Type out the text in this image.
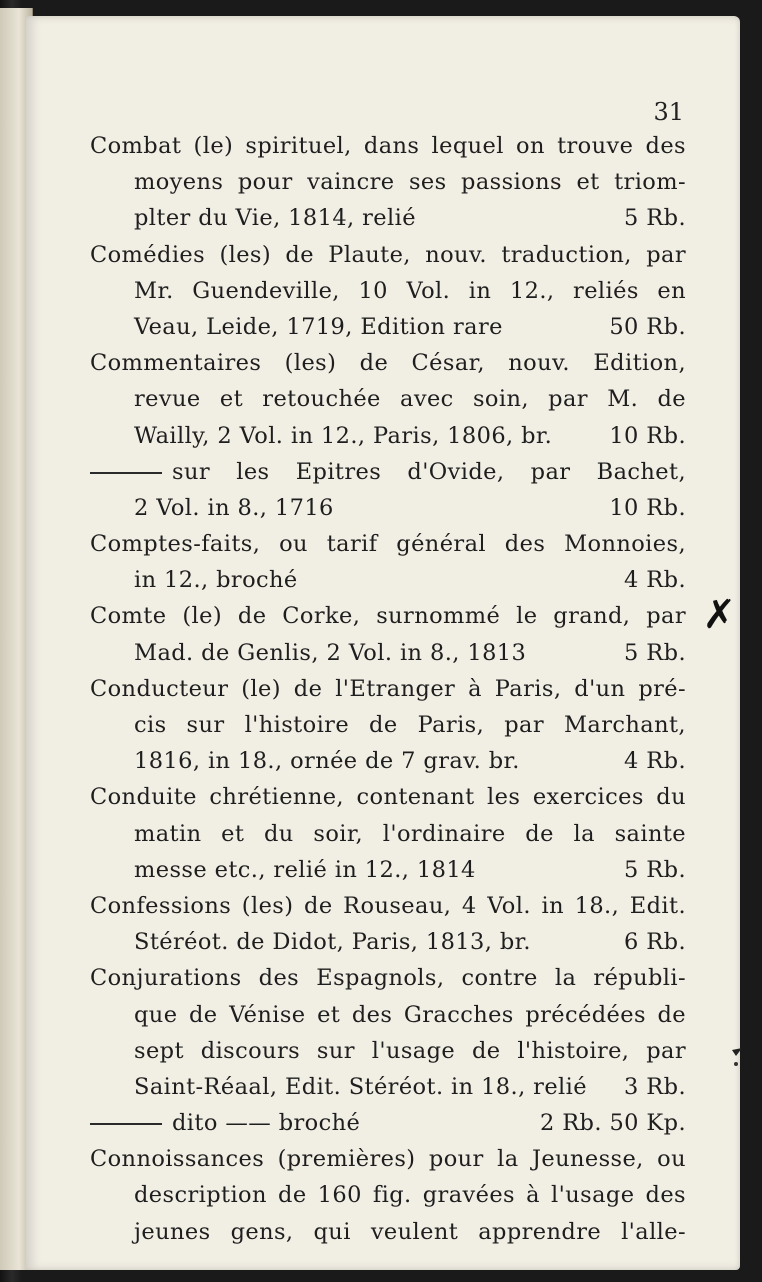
31
Combat (le) spirituel, dans lequel on trouve des
moyens pour vaincre ses passions et triom-
plter du Vie, 1814, relié	5 Rb.
Comédies (les) de Plaute, nouv. traduction, par
Mr. Guendeville, 10 Vol. in 12., reliés en
Veau, Leide, 1719, Edition rare	50 Rb.
Commentaires (les) de César, nouv. Edition,
revue et retouchée avec soin, par M. de
Wailly, 2 Vol. in 12., Paris, 1806, br.	10 Rb.
sur les Epitres d'Ovide, par Bachet,
2 Vol. in 8., 1716	10 Rb.
Comptes-faits, ou tarif général des Monnoies,
in 12., broché	4 Rb.
Comte (le) de Corke, surnommé le grand, par
Mad. de Genlis, 2 Vol. in 8., 1813	5 Rb.
Conducteur (le) de l'Etranger à Paris, d'un pré-
cis sur l'histoire de Paris, par Marchant,
1816, in 18., ornée de 7 grav. br.	4 Rb.
Conduite chrétienne, contenant les exercices du
matin et du soir, l'ordinaire de la sainte
messe etc., relié in 12., 1814	5 Rb.
Confessions (les) de Rouseau, 4 Vol. in 18., Edit.
Stéréot. de Didot, Paris, 1813, br.	6 Rb.
Conjurations des Espagnols, contre la républi-
que de Vénise et des Gracches précédées de
sept discours sur l'usage de l'histoire, par
Saint-Réaal, Edit. Stéréot. in 18., relié 3 Rb.
dito —— broché	2 Rb. 50 Kp.
Connoissances (premières) pour la Jeunesse, ou
description de 160 fig. gravées à l'usage des
jeunes gens, qui veulent apprendre l'alle-
✗
